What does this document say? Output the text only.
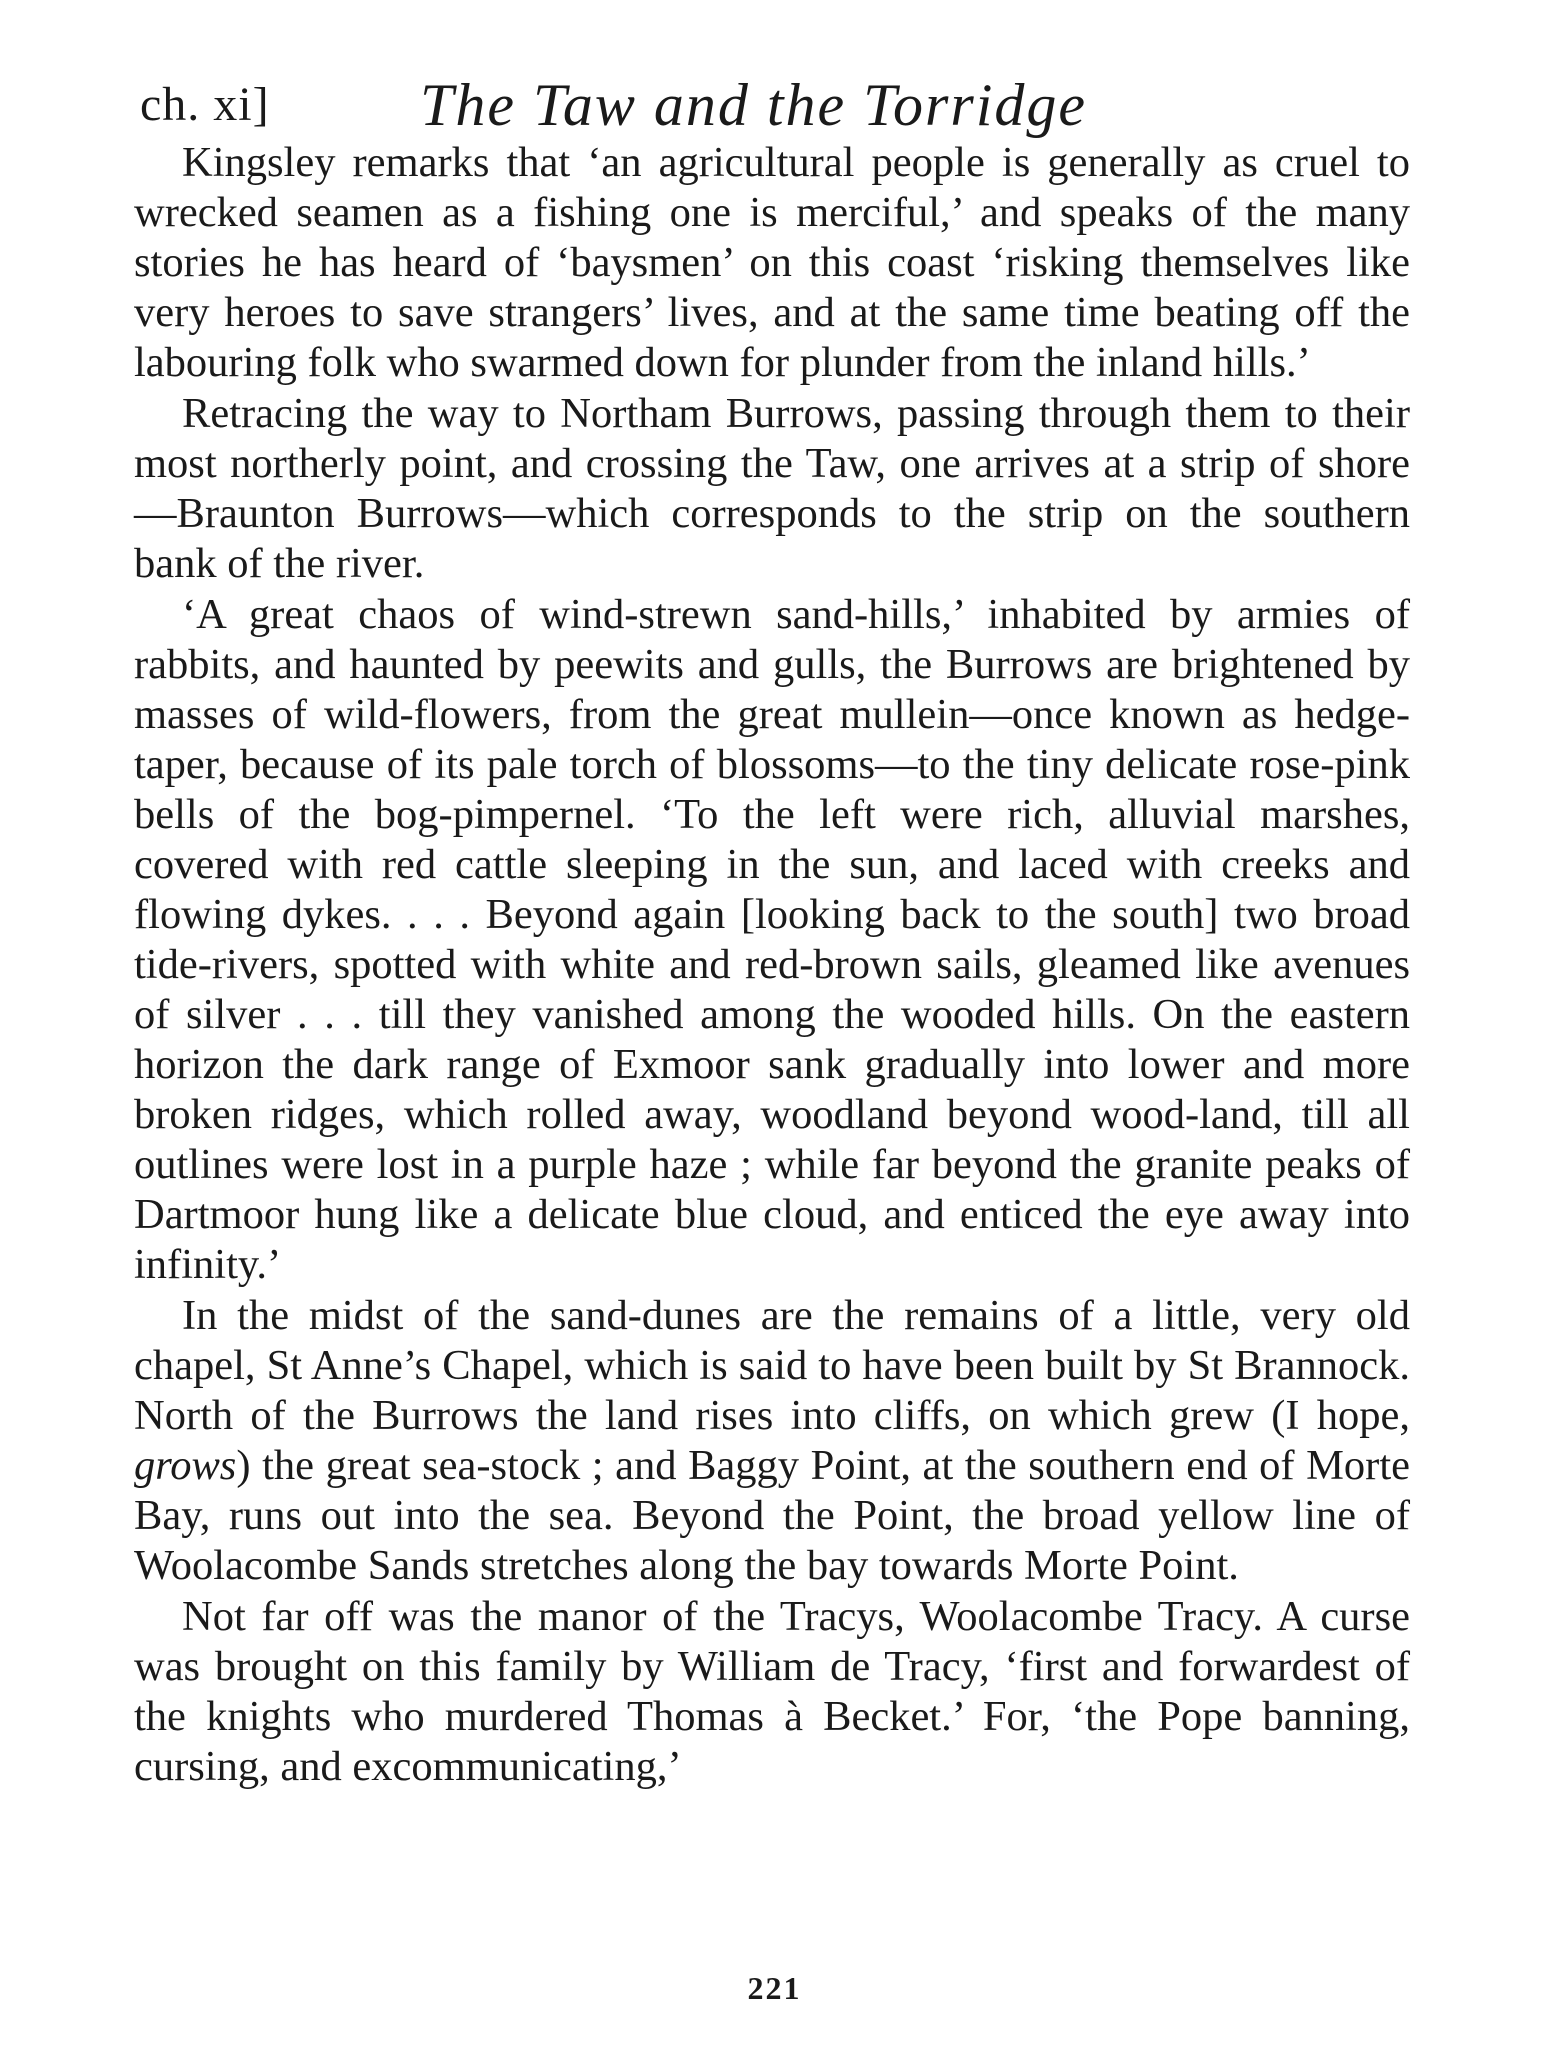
ch. xi]	The Taw and the Torridge

Kingsley remarks that ‘an agricultural people is generally as cruel to wrecked seamen as a fishing one is merciful,’ and speaks of the many stories he has heard of ‘baysmen’ on this coast ‘risking themselves like very heroes to save strangers’ lives, and at the same time beating off the labouring folk who swarmed down for plunder from the inland hills.’

Retracing the way to Northam Burrows, passing through them to their most northerly point, and crossing the Taw, one arrives at a strip of shore—Braunton Burrows—which corresponds to the strip on the southern bank of the river.

‘A great chaos of wind-strewn sand-hills,’ inhabited by armies of rabbits, and haunted by peewits and gulls, the Burrows are brightened by masses of wild-flowers, from the great mullein—once known as hedge-taper, because of its pale torch of blossoms—to the tiny delicate rose-pink bells of the bog-pimpernel. ‘To the left were rich, alluvial marshes, covered with red cattle sleeping in the sun, and laced with creeks and flowing dykes. . . . Beyond again [looking back to the south] two broad tide-rivers, spotted with white and red-brown sails, gleamed like avenues of silver . . . till they vanished among the wooded hills. On the eastern horizon the dark range of Exmoor sank gradually into lower and more broken ridges, which rolled away, woodland beyond wood-land, till all outlines were lost in a purple haze ; while far beyond the granite peaks of Dartmoor hung like a delicate blue cloud, and enticed the eye away into infinity.’

In the midst of the sand-dunes are the remains of a little, very old chapel, St Anne’s Chapel, which is said to have been built by St Brannock. North of the Burrows the land rises into cliffs, on which grew (I hope, grows) the great sea-stock ; and Baggy Point, at the southern end of Morte Bay, runs out into the sea. Beyond the Point, the broad yellow line of Woolacombe Sands stretches along the bay towards Morte Point.

Not far off was the manor of the Tracys, Woolacombe Tracy. A curse was brought on this family by William de Tracy, ‘first and forwardest of the knights who murdered Thomas à Becket.’ For, ‘the Pope banning, cursing, and excommunicating,’

221
